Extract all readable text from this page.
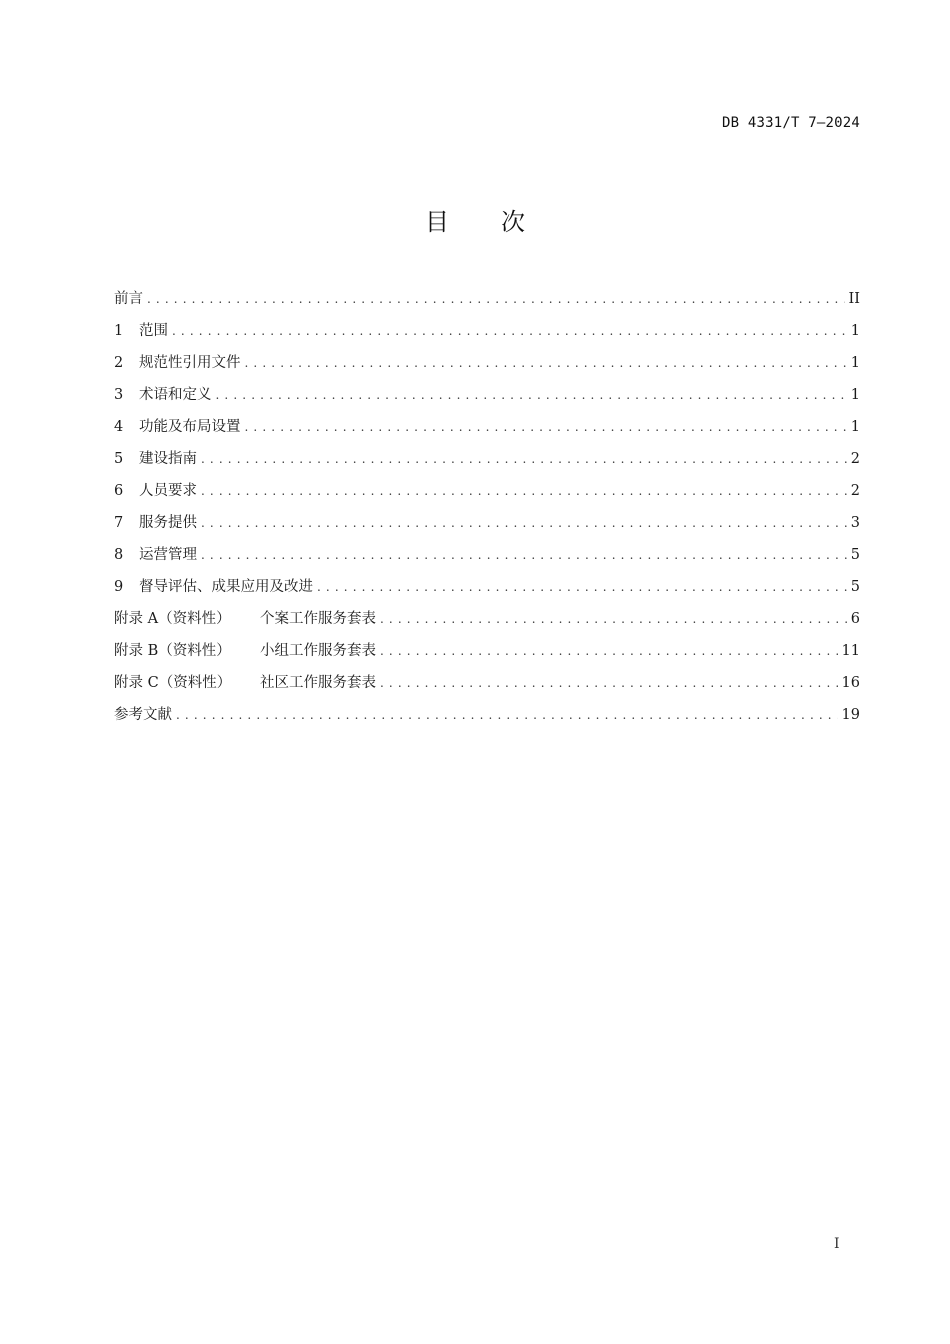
DB 4331/T 7—2024
目 次
前言 . . .	II
1	范围 . . .	1
2	规范性引用文件 . . .	1
3	术语和定义 . . .	1
4	功能及布局设置 . . .	1
5	建设指南 . . .	2
6	人员要求 . . .	2
7	服务提供 . . .	3
8	运营管理 . . .	5
9	督导评估、成果应用及改进 . . .	5
附录 A（资料性）	个案工作服务套表 . . .	6
附录 B（资料性）	小组工作服务套表 . . .	11
附录 C（资料性）	社区工作服务套表 . . .	16
参考文献 . . .	19
I
